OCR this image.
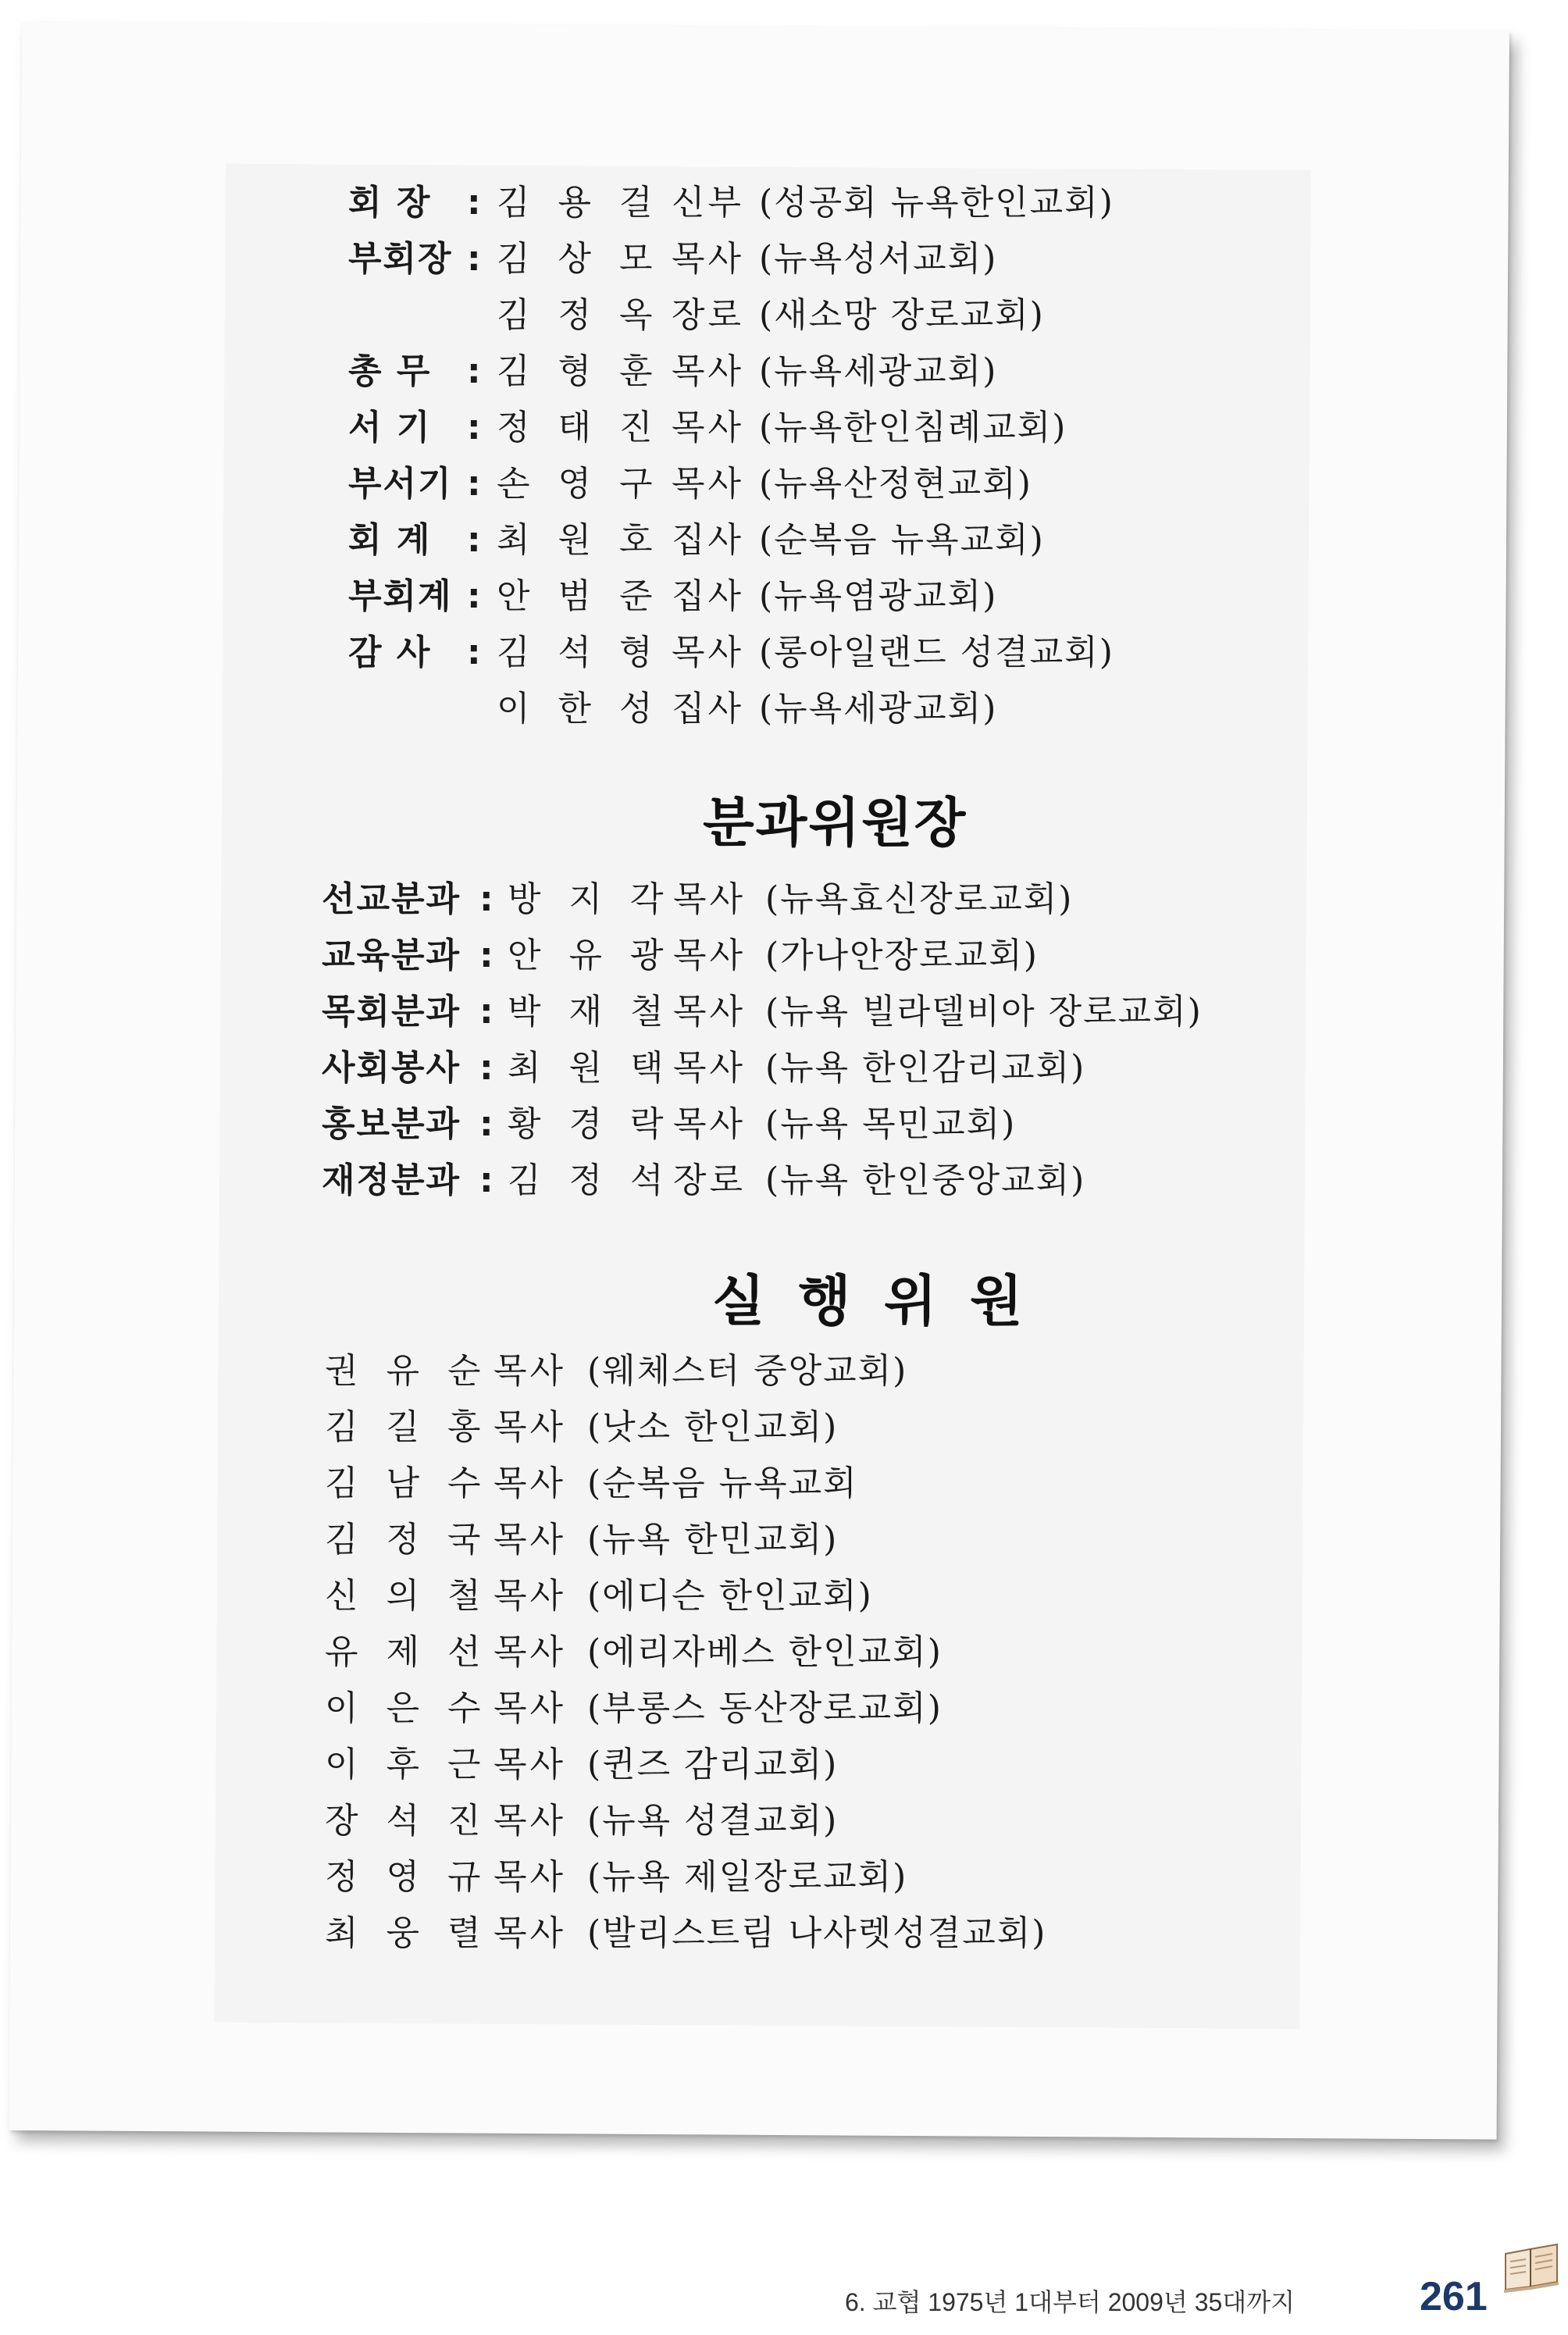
회 장 : 김용걸
신부 (성공회 뉴욕한인교회)
부회장 : 김상모
목사 (뉴욕성서교회)
김정옥
장로 (새소망 장로교회)
총 무 : 김형훈
목사 (뉴욕세광교회)
서 기 : 정태진
목사 (뉴욕한인침례교회)
부서기 : 손영구
목사 (뉴욕산정현교회)
회 계 : 최원호
집사 (순복음 뉴욕교회)
부회계 : 안범준
집사 (뉴욕염광교회)
감 사 : 김석형
목사 (롱아일랜드 성결교회)
이한성
집사 (뉴욕세광교회)
분과위원장
선교분과 : 방지각
목사 (뉴욕효신장로교회)
교육분과 : 안유광
목사 (가나안장로교회)
목회분과 : 박재철
목사 (뉴욕 빌라델비아 장로교회)
사회봉사 : 최원택
목사 (뉴욕 한인감리교회)
홍보분과 : 황경락
목사 (뉴욕 목민교회)
재정분과 : 김정석
장로 (뉴욕 한인중앙교회)
실 행 위 원
권유순
목사 (웨체스터 중앙교회)
김길홍
목사 (낫소 한인교회)
김남수
목사 (순복음 뉴욕교회
김정국
목사 (뉴욕 한민교회)
신의철
목사 (에디슨 한인교회)
유제선
목사 (에리자베스 한인교회)
이은수
목사 (부롱스 동산장로교회)
이후근
목사 (퀸즈 감리교회)
장석진
목사 (뉴욕 성결교회)
정영규
목사 (뉴욕 제일장로교회)
최웅렬
목사 (발리스트림 나사렛성결교회)
6. 교협 1975년 1대부터 2009년 35대까지	261
